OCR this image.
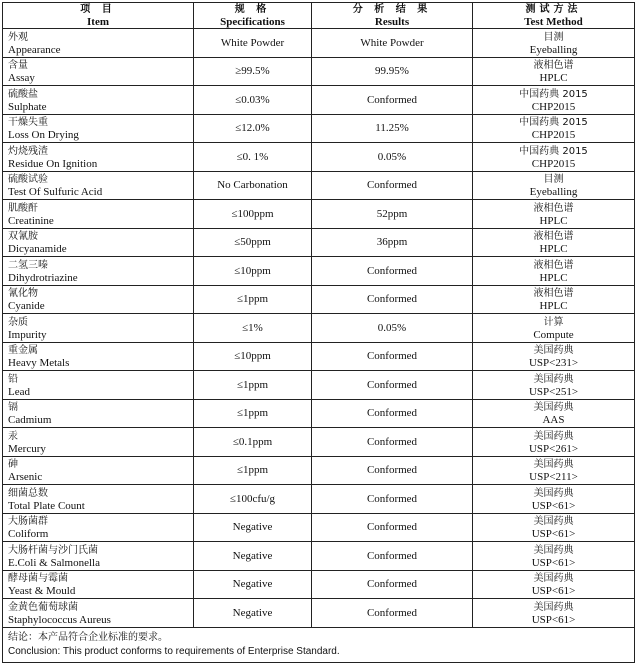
项 目
Item	规 格
Specifications	分 析 结 果
Results	测试方法
Test Method

外观
Appearance	White Powder	White Powder	目测
Eyeballing

含量
Assay	≥99.5%	99.95%	液相色谱
HPLC

硫酸盐
Sulphate	≤0.03%	Conformed	中国药典 2015
CHP2015

干燥失重
Loss On Drying	≤12.0%	11.25%	中国药典 2015
CHP2015

灼烧残渣
Residue On Ignition	≤0. 1%	0.05%	中国药典 2015
CHP2015

硫酸试验
Test Of Sulfuric Acid	No Carbonation	Conformed	目测
Eyeballing

肌酸酐
Creatinine	≤100ppm	52ppm	液相色谱
HPLC

双氰胺
Dicyanamide	≤50ppm	36ppm	液相色谱
HPLC

二氢三嗪
Dihydrotriazine	≤10ppm	Conformed	液相色谱
HPLC

氰化物
Cyanide	≤1ppm	Conformed	液相色谱
HPLC

杂质
Impurity	≤1%	0.05%	计算
Compute

重金属
Heavy Metals	≤10ppm	Conformed	美国药典
USP<231>

铅
Lead	≤1ppm	Conformed	美国药典
USP<251>

镉
Cadmium	≤1ppm	Conformed	美国药典
AAS

汞
Mercury	≤0.1ppm	Conformed	美国药典
USP<261>

砷
Arsenic	≤1ppm	Conformed	美国药典
USP<211>

细菌总数
Total Plate Count	≤100cfu/g	Conformed	美国药典
USP<61>

大肠菌群
Coliform	Negative	Conformed	美国药典
USP<61>

大肠杆菌与沙门氏菌
E.Coli & Salmonella	Negative	Conformed	美国药典
USP<61>

酵母菌与霉菌
Yeast & Mould	Negative	Conformed	美国药典
USP<61>

金黄色葡萄球菌
Staphylococcus Aureus	Negative	Conformed	美国药典
USP<61>

结论：本产品符合企业标准的要求。
Conclusion: This product conforms to requirements of Enterprise Standard.			
